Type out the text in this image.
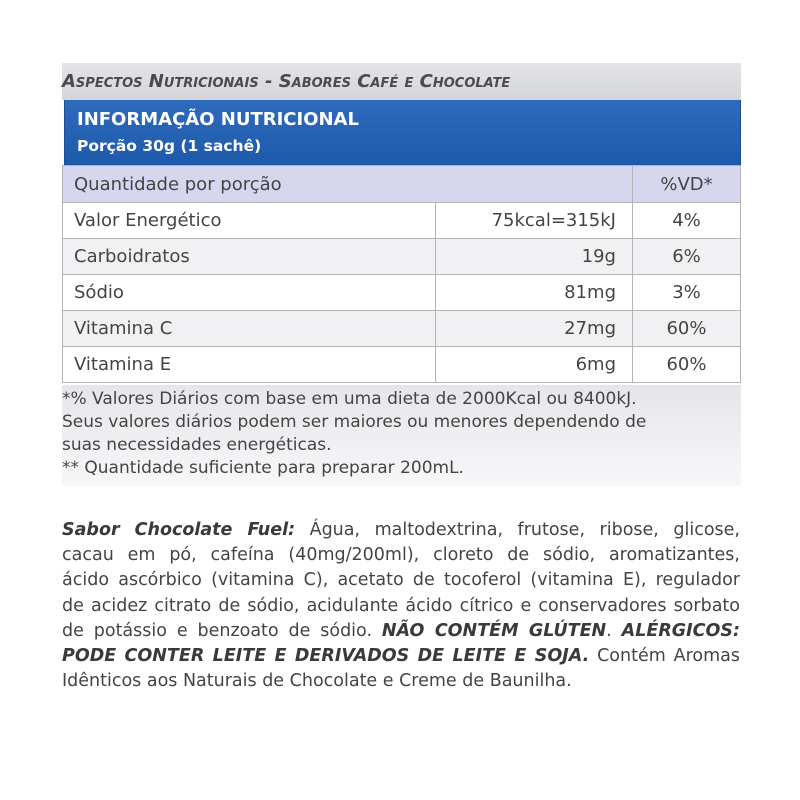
Aspectos Nutricionais - Sabores Café e Chocolate
INFORMAÇÃO NUTRICIONAL
Porção 30g (1 sachê)
Quantidade por porção		%VD*
Valor Energético	75kcal=315kJ	4%
Carboidratos	19g	6%
Sódio	81mg	3%
Vitamina C	27mg	60%
Vitamina E	6mg	60%
*% Valores Diários com base em uma dieta de 2000Kcal ou 8400kJ.
Seus valores diários podem ser maiores ou menores dependendo de
suas necessidades energéticas.
** Quantidade suficiente para preparar 200mL.
Sabor Chocolate Fuel: Água, maltodextrina, frutose, ribose, glicose,
cacau em pó, cafeína (40mg/200ml), cloreto de sódio, aromatizantes,
ácido ascórbico (vitamina C), acetato de tocoferol (vitamina E), regulador
de acidez citrato de sódio, acidulante ácido cítrico e conservadores sorbato
de potássio e benzoato de sódio. NÃO CONTÉM GLÚTEN. ALÉRGICOS:
PODE CONTER LEITE E DERIVADOS DE LEITE E SOJA. Contém Aromas
Idênticos aos Naturais de Chocolate e Creme de Baunilha.
